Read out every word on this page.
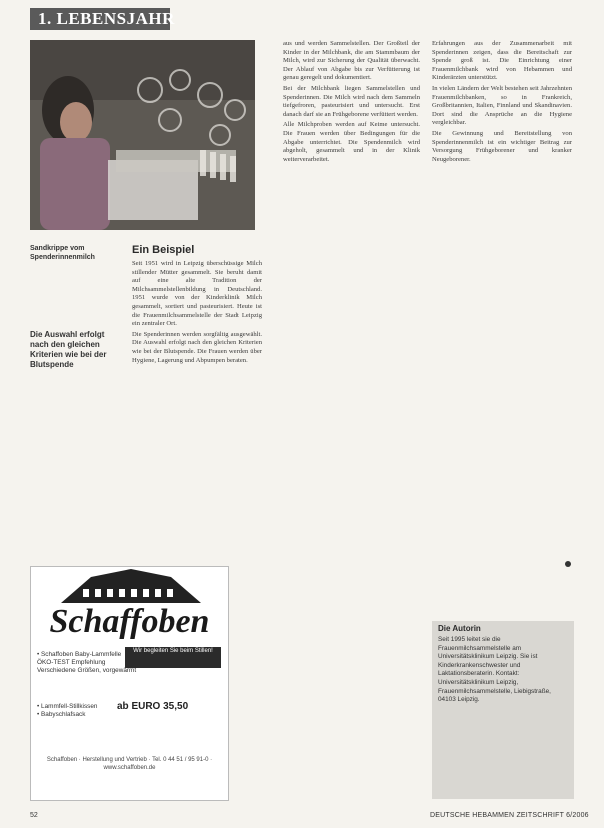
1. LEBENSJAHR
Sandkrippe vom Spenderinnenmilch
Die Auswahl erfolgt nach den gleichen Kriterien wie bei der Blutspende
Ein Beispiel

Seit 1951 wird in Leipzig überschüssige Milch stillender Mütter gesammelt. Sie beruht damit auf eine alte Tradition der Milchsammelstellenbildung in Deutschland. 1951 wurde von der Kinderklinik Milch gesammelt, sortiert und pasteurisiert. Heute ist die Frauenmilchsammelstelle der Stadt Leipzig ein zentraler Ort.

Die Spenderinnen werden sorgfältig ausgewählt. Die Auswahl erfolgt nach den gleichen Kriterien wie bei der Blutspende. Die Frauen werden über Hygiene, Lagerung und Abpumpen beraten.

aus und werden Sammelstellen. Der Großteil der Kinder in der Milchbank, die am Stammbaum der Milch, wird zur Sicherung der Qualität überwacht. Der Ablauf von Abgabe bis zur Verfütterung ist genau geregelt und dokumentiert.

Bei der Milchbank liegen Sammelstellen und Spenderinnen. Die Milch wird nach dem Sammeln tiefgefroren, pasteurisiert und untersucht. Erst danach darf sie an Frühgeborene verfüttert werden.

Alle Milchproben werden auf Keime untersucht. Die Frauen werden über Bedingungen für die Abgabe unterrichtet. Die Spendenmilch wird abgeholt, gesammelt und in der Klinik weiterverarbeitet.

Erfahrungen aus der Zusammenarbeit mit Spenderinnen zeigen, dass die Bereitschaft zur Spende groß ist. Die Einrichtung einer Frauenmilchbank wird von Hebammen und Kinderärzten unterstützt.

In vielen Ländern der Welt bestehen seit Jahrzehnten Frauenmilchbanken, so in Frankreich, Großbritannien, Italien, Finnland und Skandinavien. Dort sind die Ansprüche an die Hygiene vergleichbar.

Die Gewinnung und Bereitstellung von Spenderinnenmilch ist ein wichtiger Beitrag zur Versorgung Frühgeborener und kranker Neugeborener.

Schaffoben
Wir begleiten Sie beim Stillen!
• Schaffoben Baby-Lammfelle
ÖKO-TEST Empfehlung
Verschiedene Größen, vorgewärmt
• Lammfell-Stillkissen
• Babyschlafsack
ab EURO 35,50
Schaffoben · Herstellung und Vertrieb · Tel. 0 44 51 / 95 91-0 · www.schaffoben.de
Die Autorin
Seit 1995 leitet sie die Frauenmilchsammelstelle am Universitätsklinikum Leipzig. Sie ist Kinderkrankenschwester und Laktationsberaterin. Kontakt: Universitätsklinikum Leipzig, Frauenmilchsammelstelle, Liebigstraße, 04103 Leipzig.
52	DEUTSCHE HEBAMMEN ZEITSCHRIFT 6/2006
